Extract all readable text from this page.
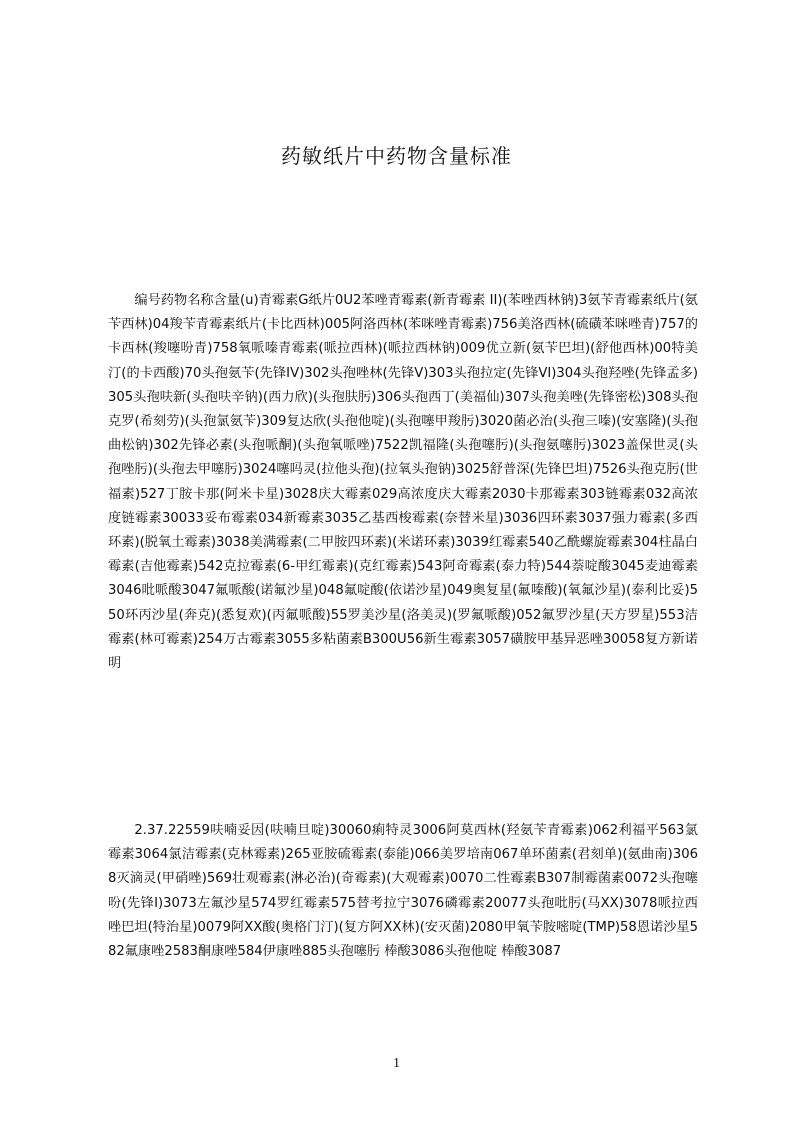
药敏纸片中药物含量标准

编号药物名称含量(u)青霉素G纸片0U2苯唑青霉素(新青霉素 II)(苯唑西林钠)3氨苄青霉素纸片(氨苄西林)04羧苄青霉素纸片(卡比西林)005阿洛西林(苯咪唑青霉素)756美洛西林(硫磺苯咪唑青)757的卡西林(羧噻吩青)758氧哌嗪青霉素(哌拉西林)(哌拉西林钠)009优立新(氨苄巴坦)(舒他西林)00特美汀(的卡西酸)70头孢氨苄(先锋IV)302头孢唑林(先锋V)303头孢拉定(先锋VI)304头孢羟唑(先锋孟多)305头孢呋新(头孢呋辛钠)(西力欣)(头孢肤肟)306头孢西丁(美福仙)307头孢美唑(先锋密松)308头孢克罗(希刻劳)(头孢氯氨苄)309复达欣(头孢他啶)(头孢噻甲羧肟)3020菌必治(头孢三嗪)(安塞隆)(头孢曲松钠)302先锋必素(头孢哌酮)(头孢氧哌唑)7522凯福隆(头孢噻肟)(头孢氨噻肟)3023盖保世灵(头孢唑肟)(头孢去甲噻肟)3024噻吗灵(拉他头孢)(拉氧头孢钠)3025舒普深(先锋巴坦)7526头孢克肟(世福素)527丁胺卡那(阿米卡星)3028庆大霉素029高浓度庆大霉素2030卡那霉素303链霉素032高浓度链霉素30033妥布霉素034新霉素3035乙基西梭霉素(奈替米星)3036四环素3037强力霉素(多西环素)(脱氧土霉素)3038美满霉素(二甲胺四环素)(米诺环素)3039红霉素540乙酰螺旋霉素304柱晶白霉素(吉他霉素)542克拉霉素(6-甲红霉素)(克红霉素)543阿奇霉素(泰力特)544萘啶酸3045麦迪霉素3046吡哌酸3047氟哌酸(诺氟沙星)048氟啶酸(依诺沙星)049奥复星(氟嗪酸)(氧氟沙星)(泰利比妥)550环丙沙星(奔克)(悉复欢)(丙氟哌酸)55罗美沙星(洛美灵)(罗氟哌酸)052氟罗沙星(天方罗星)553洁霉素(林可霉素)254万古霉素3055多粘菌素B300U56新生霉素3057磺胺甲基异恶唑30058复方新诺明

2.37.22559呋喃妥因(呋喃旦啶)30060痢特灵3006阿莫西林(羟氨苄青霉素)062利福平563氯霉素3064氯洁霉素(克林霉素)265亚胺硫霉素(泰能)066美罗培南067单环菌素(君刻单)(氨曲南)3068灭滴灵(甲硝唑)569壮观霉素(淋必治)(奇霉素)(大观霉素)0070二性霉素B307制霉菌素0072头孢噻吩(先锋I)3073左氟沙星574罗红霉素575替考拉宁3076磷霉素20077头孢吡肟(马XX)3078哌拉西唑巴坦(特治星)0079阿XX酸(奥格门汀)(复方阿XX林)(安灭菌)2080甲氧苄胺嘧啶(TMP)58恩诺沙星582氟康唑2583酮康唑584伊康唑885头孢噻肟 棒酸3086头孢他啶 棒酸3087

1
